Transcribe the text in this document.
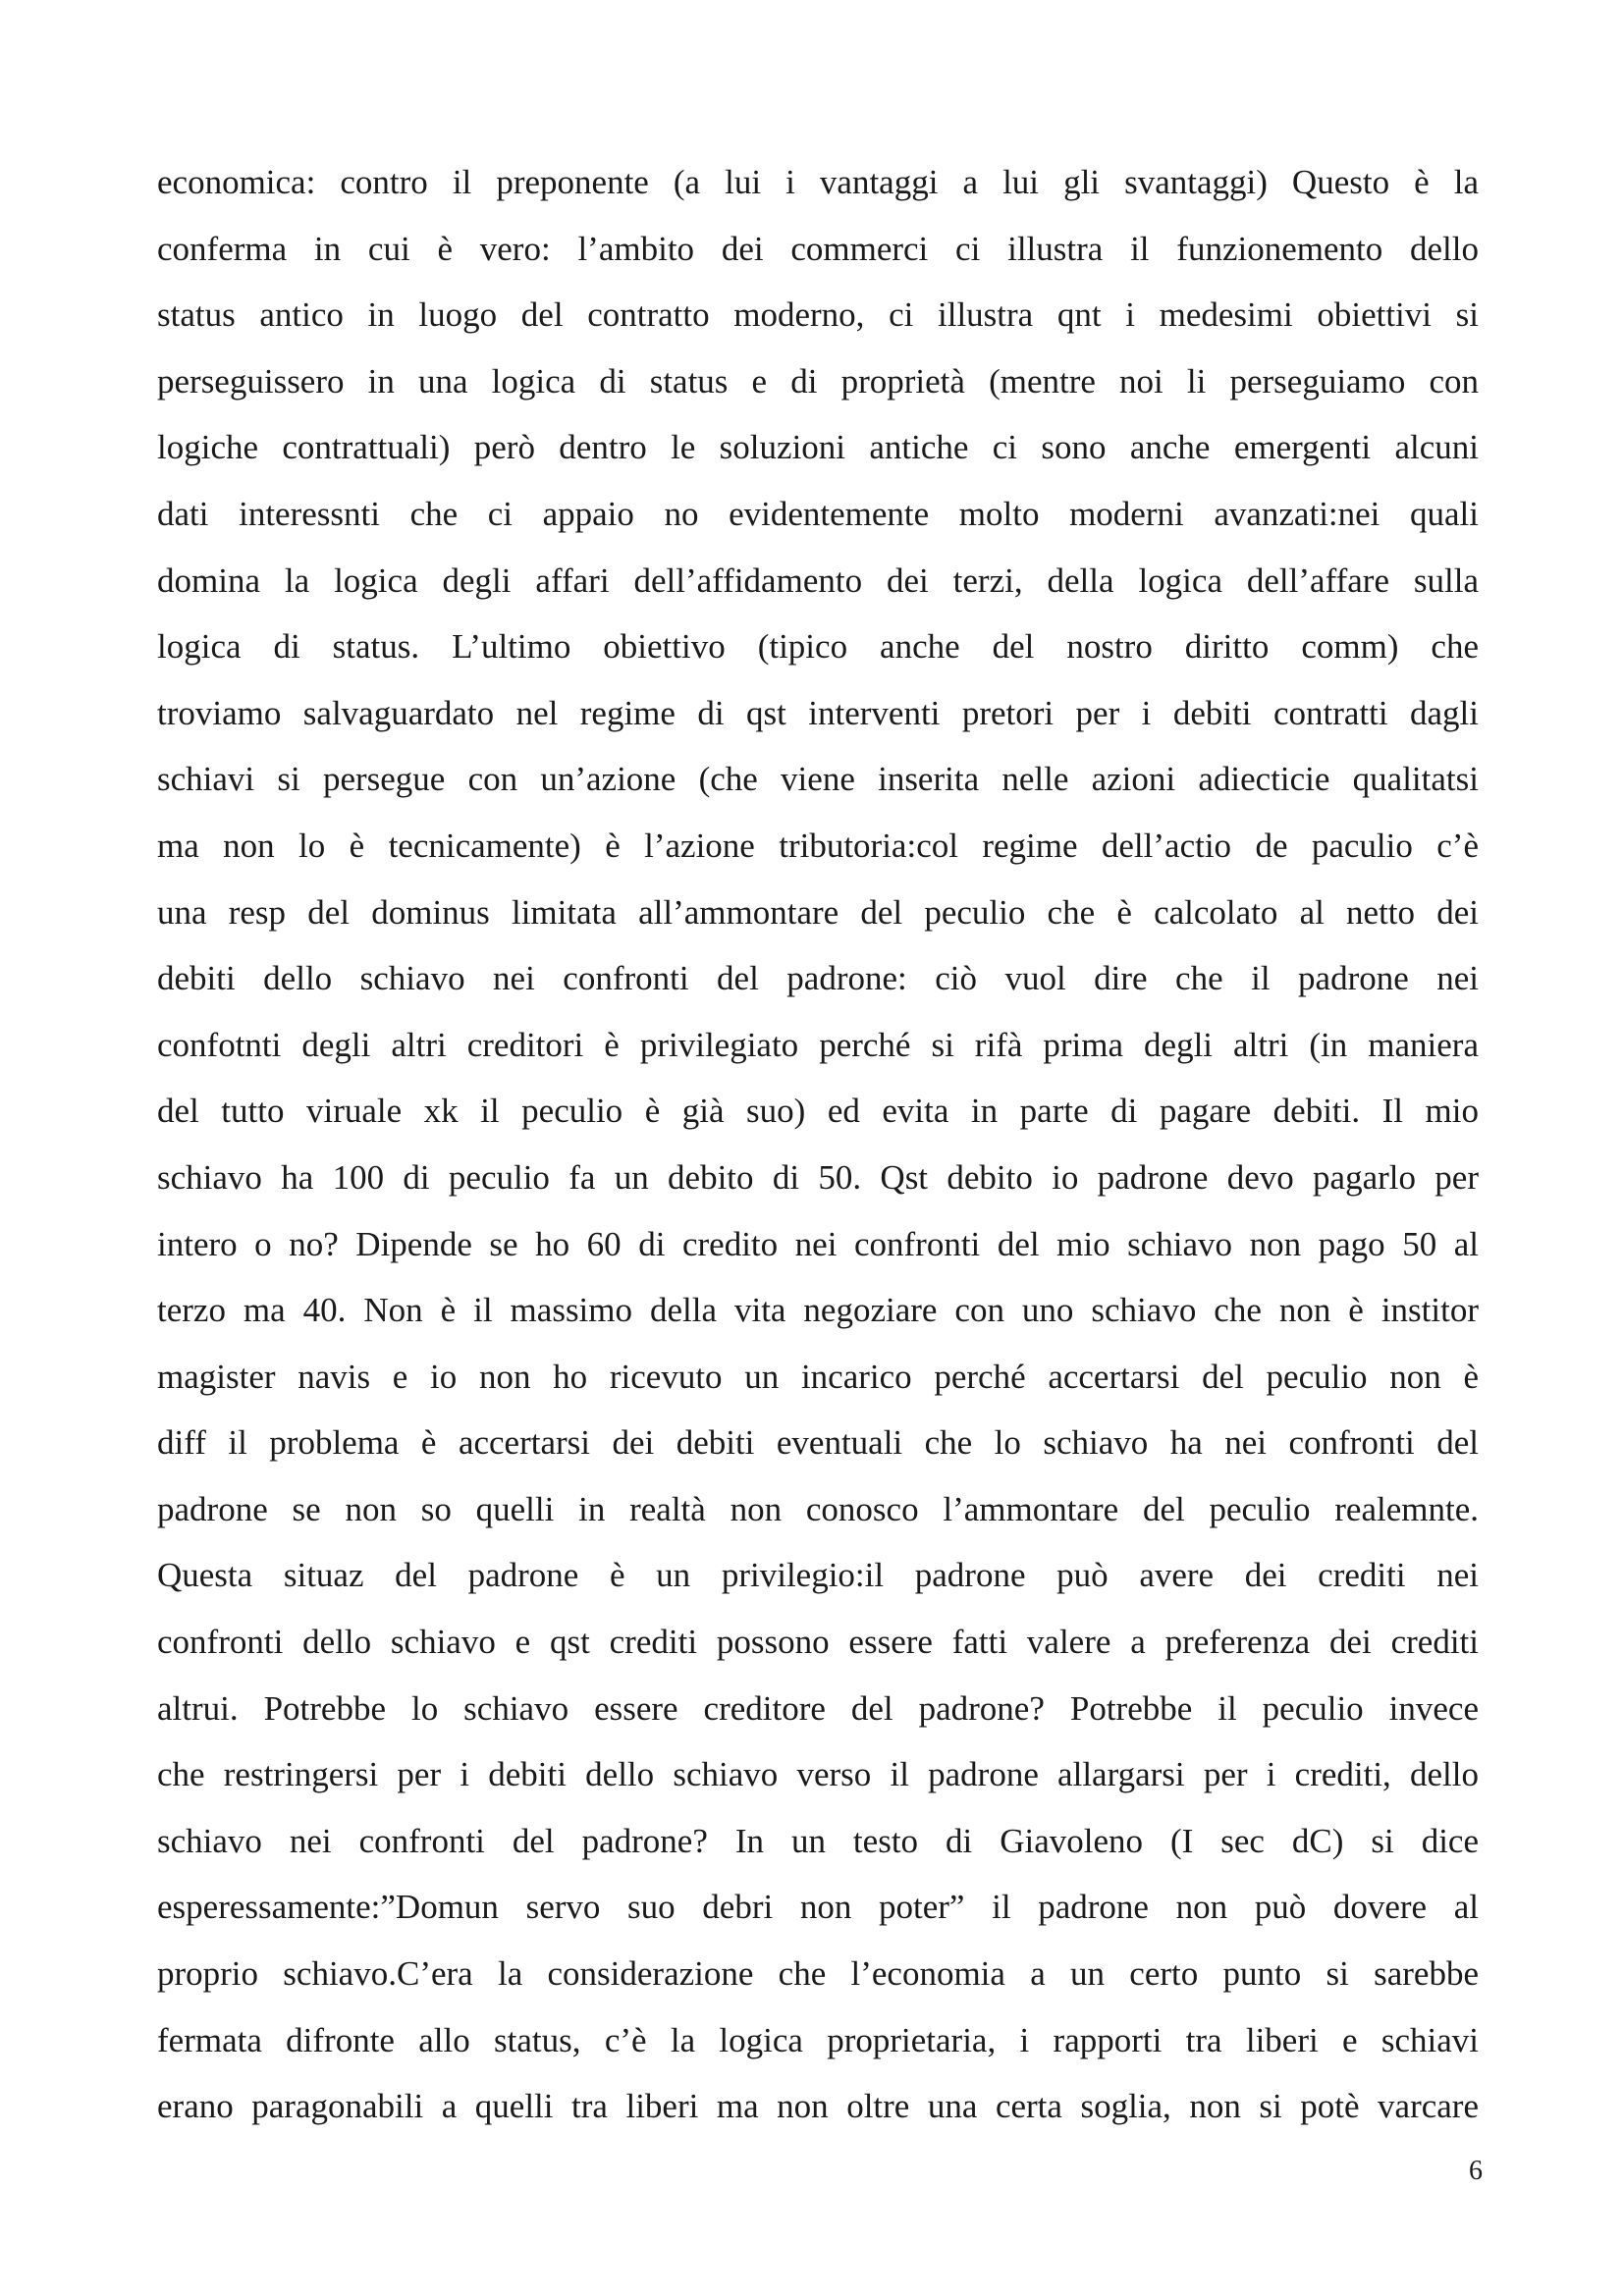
economica: contro il preponente (a lui i vantaggi a lui gli svantaggi) Questo è la
conferma in cui è vero: l’ambito dei commerci ci illustra il funzionemento dello
status antico in luogo del contratto moderno, ci illustra qnt i medesimi obiettivi si
perseguissero in una logica di status e di proprietà (mentre noi li perseguiamo con
logiche contrattuali) però dentro le soluzioni antiche ci sono anche emergenti alcuni
dati interessnti che ci appaio no evidentemente molto moderni avanzati:nei quali
domina la logica degli affari dell’affidamento dei terzi, della logica dell’affare sulla
logica di status. L’ultimo obiettivo (tipico anche del nostro diritto comm) che
troviamo salvaguardato nel regime di qst interventi pretori per i debiti contratti dagli
schiavi si persegue con un’azione (che viene inserita nelle azioni adiecticie qualitatsi
ma non lo è tecnicamente) è l’azione tributoria:col regime dell’actio de paculio c’è
una resp del dominus limitata all’ammontare del peculio che è calcolato al netto dei
debiti dello schiavo nei confronti del padrone: ciò vuol dire che il padrone nei
confotnti degli altri creditori è privilegiato perché si rifà prima degli altri (in maniera
del tutto viruale xk il peculio è già suo) ed evita in parte di pagare debiti. Il mio
schiavo ha 100 di peculio fa un debito di 50. Qst debito io padrone devo pagarlo per
intero o no? Dipende se ho 60 di credito nei confronti del mio schiavo non pago 50 al
terzo ma 40. Non è il massimo della vita negoziare con uno schiavo che non è institor
magister navis e io non ho ricevuto un incarico perché accertarsi del peculio non è
diff il problema è accertarsi dei debiti eventuali che lo schiavo ha nei confronti del
padrone se non so quelli in realtà non conosco l’ammontare del peculio realemnte.
Questa situaz del padrone è un privilegio:il padrone può avere dei crediti nei
confronti dello schiavo e qst crediti possono essere fatti valere a preferenza dei crediti
altrui. Potrebbe lo schiavo essere creditore del padrone? Potrebbe il peculio invece
che restringersi per i debiti dello schiavo verso il padrone allargarsi per i crediti, dello
schiavo nei confronti del padrone? In un testo di Giavoleno (I sec dC) si dice
esperessamente:”Domun servo suo debri non poter” il padrone non può dovere al
proprio schiavo.C’era la considerazione che l’economia a un certo punto si sarebbe
fermata difronte allo status, c’è la logica proprietaria, i rapporti tra liberi e schiavi
erano paragonabili a quelli tra liberi ma non oltre una certa soglia, non si potè varcare
6
